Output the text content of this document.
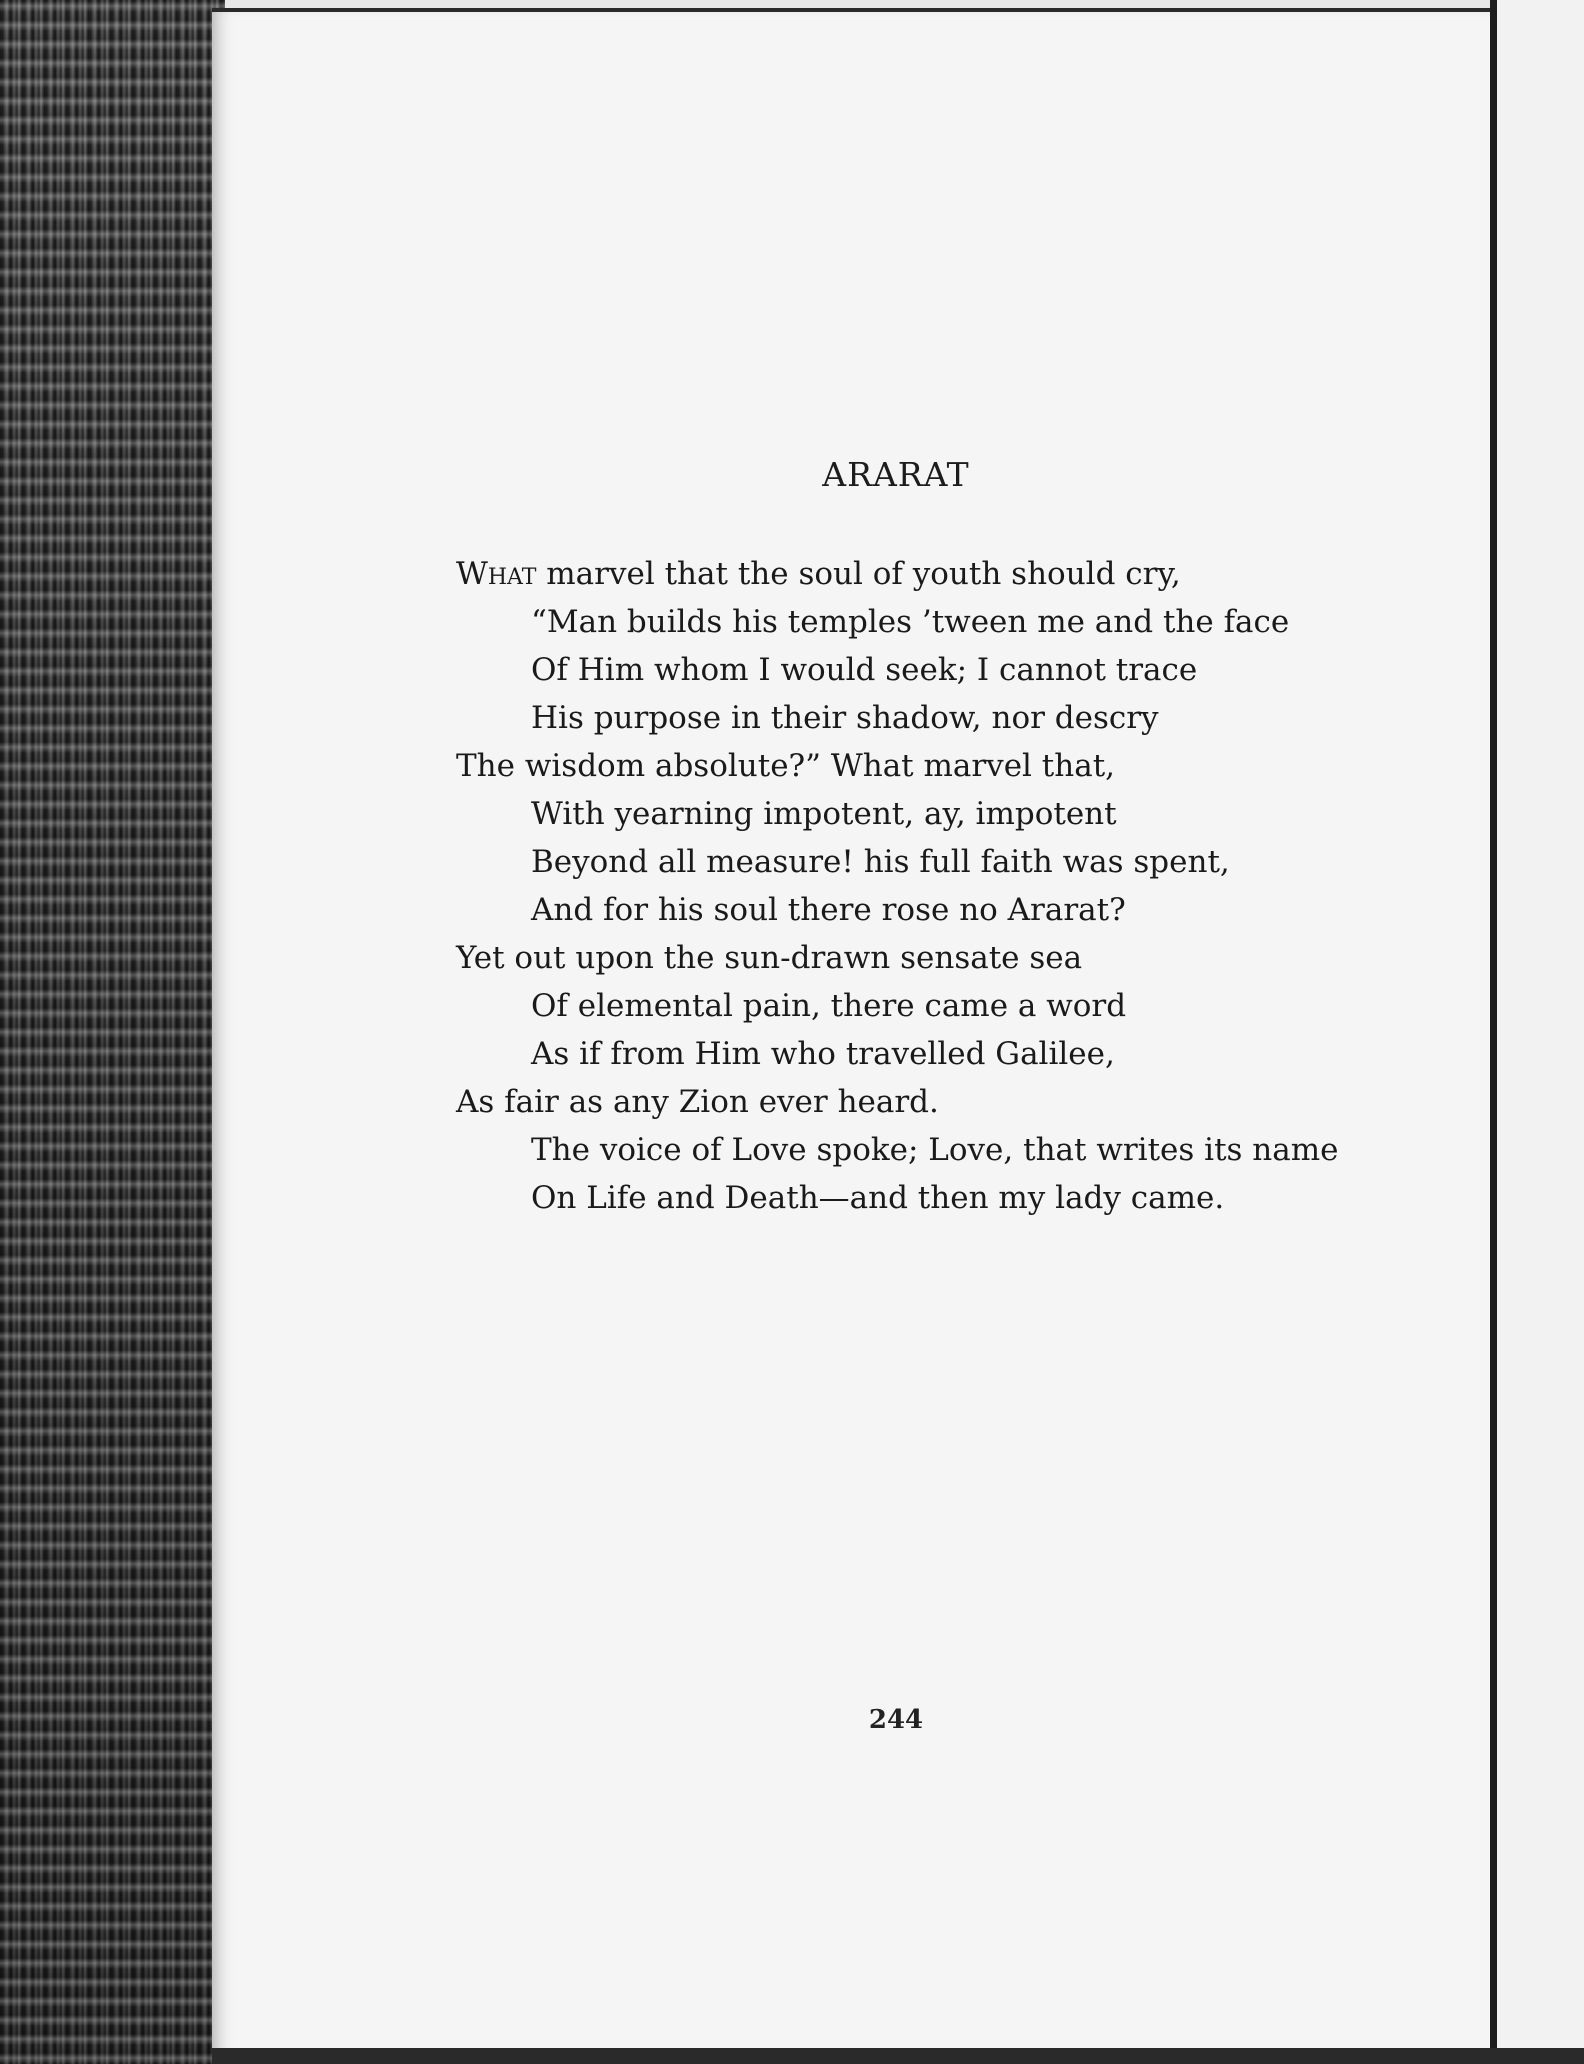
ARARAT
What marvel that the soul of youth should cry,
“Man builds his temples ’tween me and the face
Of Him whom I would seek; I cannot trace
His purpose in their shadow, nor descry
The wisdom absolute?” What marvel that,
With yearning impotent, ay, impotent
Beyond all measure! his full faith was spent,
And for his soul there rose no Ararat?
Yet out upon the sun-drawn sensate sea
Of elemental pain, there came a word
As if from Him who travelled Galilee,
As fair as any Zion ever heard.
The voice of Love spoke; Love, that writes its name
On Life and Death—and then my lady came.
244
